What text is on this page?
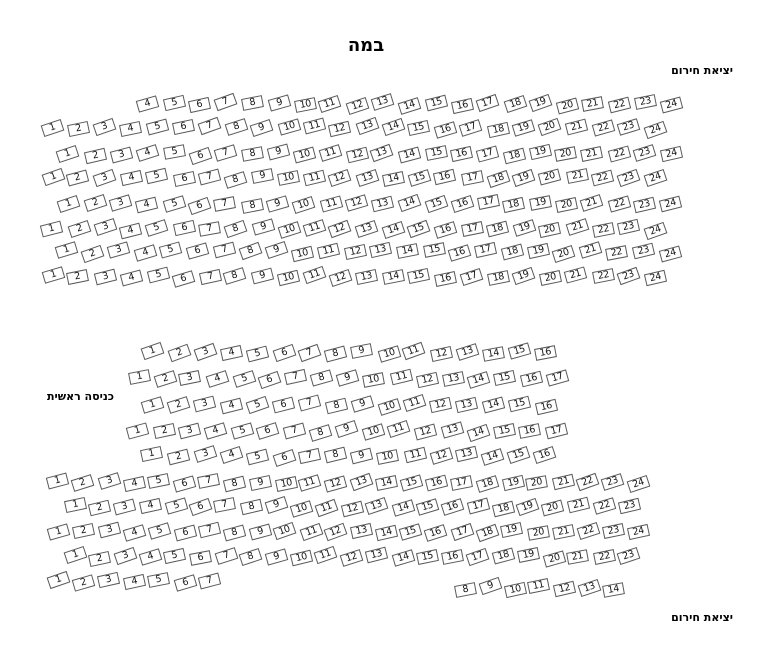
במה
יציאת חירום
כניסה ראשית
יציאת חירום
4	5	6	7	8	9	10	11	12	13	14	15	16	17	18	19	20	21	22	23	24
1	2	3	4	5	6	7	8	9	10	11	12	13	14	15	16	17	18	19	20	21	22	23	24
1	2	3	4	5	6	7	8	9	10	11	12	13	14	15	16	17	18	19	20	21	22	23	24
1	2	3	4	5	6	7	8	9	10	11	12	13	14	15	16	17	18	19	20	21	22	23	24
1	2	3	4	5	6	7	8	9	10	11	12	13	14	15	16	17	18	19	20	21	22	23	24
1	2	3	4	5	6	7	8	9	10	11	12	13	14	15	16	17	18	19	20	21	22	23	24
1	2	3	4	5	6	7	8	9	10	11	12	13	14	15	16	17	18	19	20	21	22	23	24
1	2	3	4	5	6	7	8	9	10	11	12	13	14	15	16	17	18	19	20	21	22	23	24
1	2	3	4	5	6	7	8	9	10	11	12	13	14	15	16
1	2	3	4	5	6	7	8	9	10	11	12	13	14	15	16	17
1	2	3	4	5	6	7	8	9	10	11	12	13	14	15	16
1	2	3	4	5	6	7	8	9	10	11	12	13	14	15	16	17
1	2	3	4	5	6	7	8	9	10	11	12	13	14	15	16
1	2	3	4	5	6	7	8	9	10	11	12	13	14	15	16	17	18	19	20	21	22	23	24
1	2	3	4	5	6	7	8	9	10	11	12	13	14	15	16	17	18	19	20	21	22	23
1	2	3	4	5	6	7	8	9	10	11	12	13	14	15	16	17	18	19	20	21	22	23	24
1	2	3	4	5	6	7	8	9	10	11	12	13	14	15	16	17	18	19	20	21	22	23
1	2	3	4	5	6	7
8	9	10	11	12	13	14
